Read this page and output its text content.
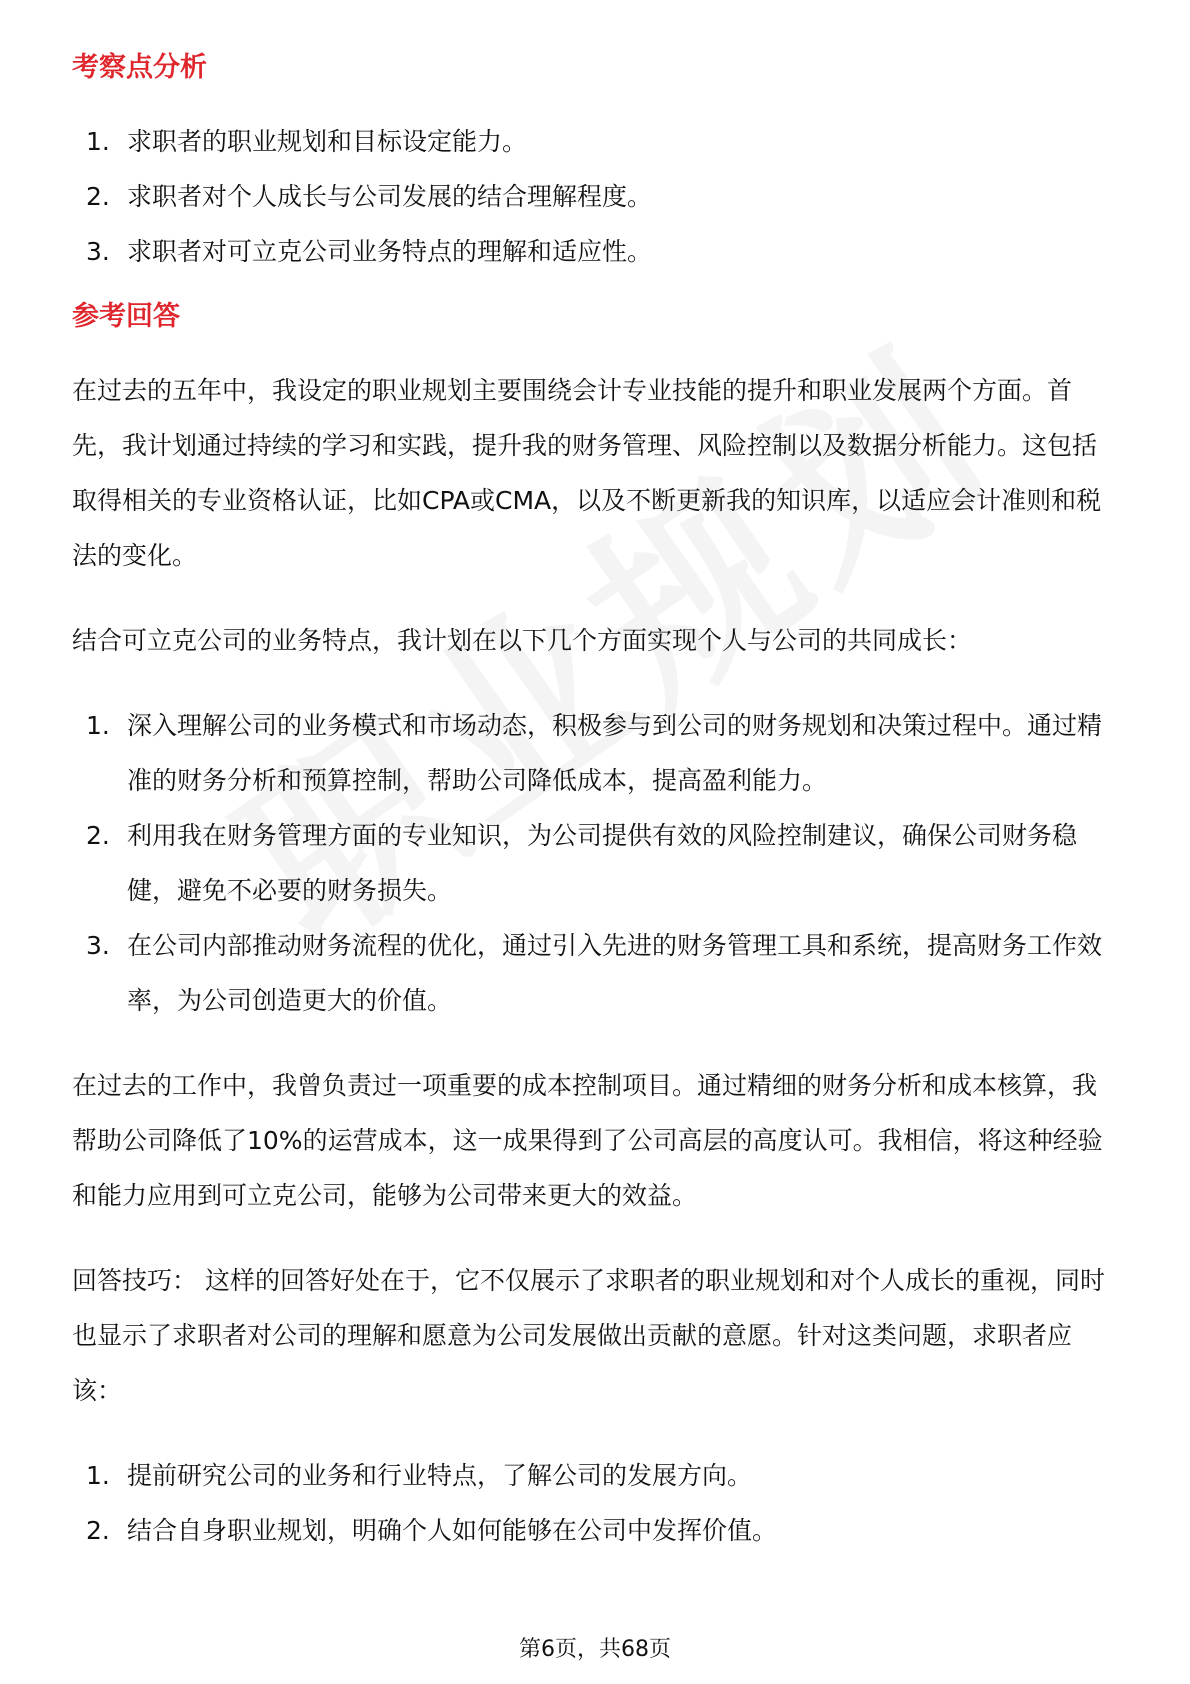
考察点分析
1. 求职者的职业规划和目标设定能力。
2. 求职者对个人成长与公司发展的结合理解程度。
3. 求职者对可立克公司业务特点的理解和适应性。
参考回答

在过去的五年中，我设定的职业规划主要围绕会计专业技能的提升和职业发展两个方面。首先，我计划通过持续的学习和实践，提升我的财务管理、风险控制以及数据分析能力。这包括取得相关的专业资格认证，比如CPA或CMA，以及不断更新我的知识库，以适应会计准则和税法的变化。

结合可立克公司的业务特点，我计划在以下几个方面实现个人与公司的共同成长：

1. 深入理解公司的业务模式和市场动态，积极参与到公司的财务规划和决策过程中。通过精准的财务分析和预算控制，帮助公司降低成本，提高盈利能力。
2. 利用我在财务管理方面的专业知识，为公司提供有效的风险控制建议，确保公司财务稳健，避免不必要的财务损失。
3. 在公司内部推动财务流程的优化，通过引入先进的财务管理工具和系统，提高财务工作效率，为公司创造更大的价值。

在过去的工作中，我曾负责过一项重要的成本控制项目。通过精细的财务分析和成本核算，我帮助公司降低了10%的运营成本，这一成果得到了公司高层的高度认可。我相信，将这种经验和能力应用到可立克公司，能够为公司带来更大的效益。

回答技巧： 这样的回答好处在于，它不仅展示了求职者的职业规划和对个人成长的重视，同时也显示了求职者对公司的理解和愿意为公司发展做出贡献的意愿。针对这类问题，求职者应该：

1. 提前研究公司的业务和行业特点，了解公司的发展方向。
2. 结合自身职业规划，明确个人如何能够在公司中发挥价值。
第6页，共68页
